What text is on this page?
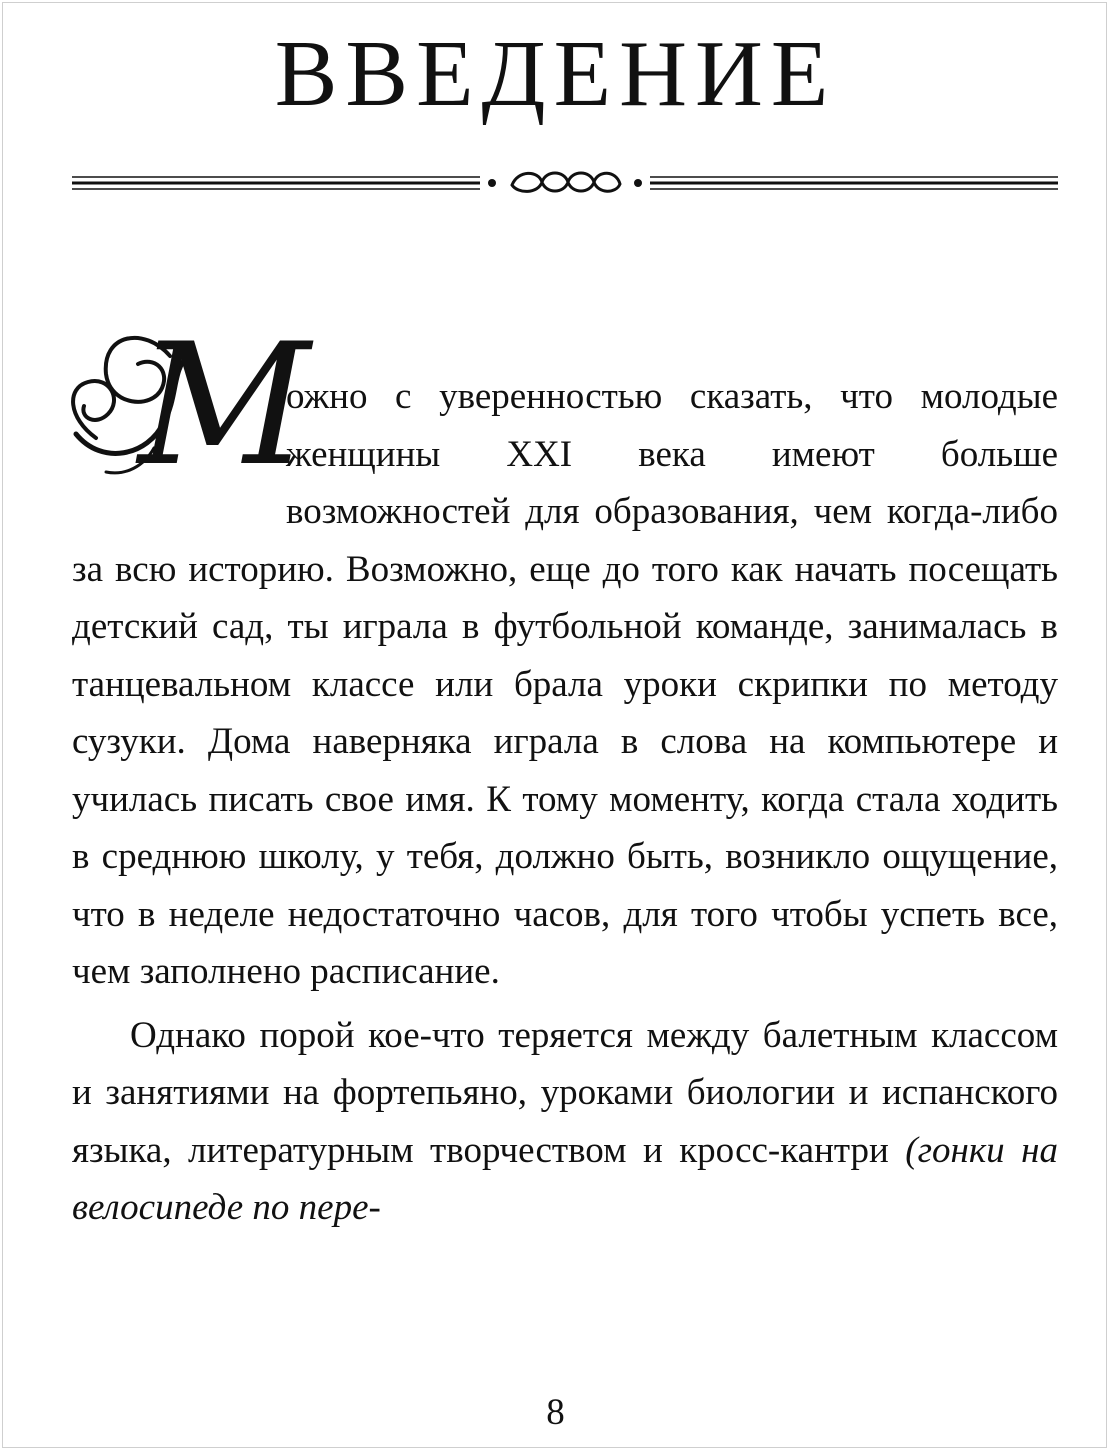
ВВЕДЕНИЕ

М
ожно с уверенностью сказать, что молодые женщины XXI века имеют больше возможностей для образования, чем когда-либо за всю историю. Возможно, еще до того как начать посещать детский сад, ты играла в футбольной команде, занималась в танцевальном классе или брала уроки скрипки по методу сузуки. Дома наверняка играла в слова на компьютере и училась писать свое имя. К тому моменту, когда стала ходить в среднюю школу, у тебя, должно быть, возникло ощущение, что в неделе недостаточно часов, для того чтобы успеть все, чем заполнено расписание.

Однако порой кое-что теряется между балетным классом и занятиями на фортепьяно, уроками биологии и испанского языка, литературным творчеством и кросс-кантри (гонки на велосипеде по пере-

8
